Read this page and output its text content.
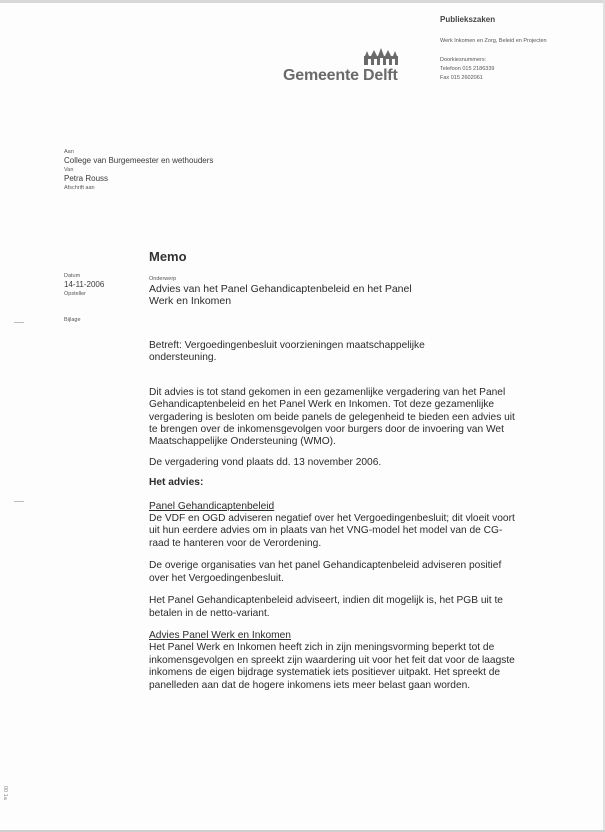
Publiekszaken
Werk Inkomen en Zorg, Beleid en Projecten
Doorkiesnummers:
Telefoon 015 2186339
Fax 015 2602061
Gemeente Delft
Aan
College van Burgemeester en wethouders
Van
Petra Rouss
Afschrift aan
Memo
Datum
14-11-2006
Opsteller
Bijlage
Onderwerp
Advies van het Panel Gehandicaptenbeleid en het Panel
Werk en Inkomen

Betreft: Vergoedingenbesluit voorzieningen maatschappelijke ondersteuning.

Dit advies is tot stand gekomen in een gezamenlijke vergadering van het Panel Gehandicaptenbeleid en het Panel Werk en Inkomen. Tot deze gezamenlijke vergadering is besloten om beide panels de gelegenheid te bieden een advies uit te brengen over de inkomensgevolgen voor burgers door de invoering van Wet Maatschappelijke Ondersteuning (WMO).

De vergadering vond plaats dd. 13 november 2006.

Het advies:

Panel Gehandicaptenbeleid

De VDF en OGD adviseren negatief over het Vergoedingenbesluit; dit vloeit voort uit hun eerdere advies om in plaats van het VNG-model het model van de CG-raad te hanteren voor de Verordening.

De overige organisaties van het panel Gehandicaptenbeleid adviseren positief over het Vergoedingenbesluit.

Het Panel Gehandicaptenbeleid adviseert, indien dit mogelijk is, het PGB uit te betalen in de netto-variant.

Advies Panel Werk en Inkomen

Het Panel Werk en Inkomen heeft zich in zijn meningsvorming beperkt tot de inkomensgevolgen en spreekt zijn waardering uit voor het feit dat voor de laagste inkomens de eigen bijdrage systematiek iets positiever uitpakt. Het spreekt de panelleden aan dat de hogere inkomens iets meer belast gaan worden.

00 1a
